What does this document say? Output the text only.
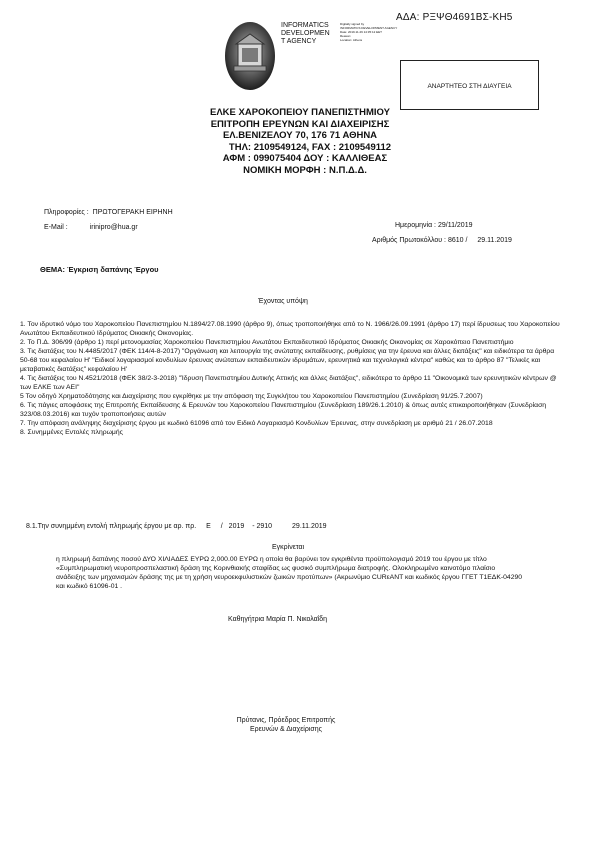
ΑΔΑ: ΡΞΨΘ4691ΒΣ-ΚΗ5
INFORMATICS
DEVELOPMEN
T AGENCY
Digitally signed by
INFORMATICS DEVELOPMENT AGENCY
Date: 2019.11.29 14:35:12 EET
Reason:
Location: Athens
ΑΝΑΡΤΗΤΕΟ ΣΤΗ ΔΙΑΥΓΕΙΑ
ΕΛΚΕ ΧΑΡΟΚΟΠΕΙΟΥ ΠΑΝΕΠΙΣΤΗΜΙΟΥ
ΕΠΙΤΡΟΠΗ ΕΡΕΥΝΩΝ ΚΑΙ ΔΙΑΧΕΙΡΙΣΗΣ
ΕΛ.ΒΕΝΙΖΕΛΟΥ 70, 176 71 ΑΘΗΝΑ
ΤΗΛ: 2109549124, FAX : 2109549112
ΑΦΜ : 099075404 ΔΟΥ : ΚΑΛΛΙΘΕΑΣ
ΝΟΜΙΚΗ ΜΟΡΦΗ : Ν.Π.Δ.Δ.
Πληροφορίες : ΠΡΩΤΟΓΕΡΑΚΗ ΕΙΡΗΝΗ
E-Mail :	irinipro@hua.gr	Ημερομηνία : 29/11/2019
Αριθμός Πρωτοκόλλου : 8610 / 29.11.2019
ΘΕΜΑ: Έγκριση δαπάνης Έργου
Έχοντας υπόψη

1. Τον ιδρυτικό νόμο του Χαροκοπείου Πανεπιστημίου Ν.1894/27.08.1990 (άρθρο 9), όπως τροποποιήθηκε από το Ν. 1966/26.09.1991 (άρθρο 17) περί ίδρυσεως του Χαροκοπείου Ανωτάτου Εκπαιδευτικού Ιδρύματος Οικιακής Οικονομίας.

2. Το Π.Δ. 306/99 (άρθρο 1) περί μετονομασίας Χαροκοπείου Πανεπιστημίου Ανωτάτου Εκπαιδευτικού Ιδρύματος Οικιακής Οικονομίας σε Χαροκόπειο Πανεπιστήμιο

3. Τις διατάξεις του Ν.4485/2017 (ΦΕΚ 114/4-8-2017) "Οργάνωση και λειτουργία της ανώτατης εκπαίδευσης, ρυθμίσεις για την έρευνα και άλλες διατάξεις" και ειδικότερα τα άρθρα 50-68 του κεφαλαίου Η' "Ειδικοί λογαριασμοί κονδυλίων έρευνας ανώτατων εκπαιδευτικών ιδρυμάτων, ερευνητικά και τεχνολογικά κέντρα" καθώς και το άρθρο 87 "Τελικές και μεταβατικές διατάξεις" κεφαλαίου Η'

4. Τις διατάξεις του Ν.4521/2018 (ΦΕΚ 38/2-3-2018) "Ίδρυση Πανεπιστημίου Δυτικής Αττικής και άλλες διατάξεις", ειδικότερα το άρθρο 11 "Οικονομικά των ερευνητικών κέντρων @ των ΕΛΚΕ των ΑΕΙ"

5 Τον οδηγό Χρηματοδότησης και Διαχείρισης που εγκρίθηκε με την απόφαση της Συγκλήτου του Χαροκοπείου Πανεπιστημίου (Συνεδρίαση 91/25.7.2007)

6. Τις πάγιες αποφάσεις της Επιτροπής Εκπαίδευσης & Ερευνών του Χαροκοπείου Πανεπιστημίου (Συνεδρίαση 189/26.1.2010) & όπως αυτές επικαιροποιήθηκαν (Συνεδρίαση 323/08.03.2016) και τυχόν τροποποιήσεις αυτών

7. Την απόφαση ανάληψης διαχείρισης έργου με κωδικό 61096 από τον Ειδικό Λογαριασμό Κονδυλίων Έρευνας, στην συνεδρίαση με αριθμό 21 / 26.07.2018

8. Συνημμένες Εντολές πληρωμής

8.1.Την συνημμένη εντολή πληρωμής έργου με αρ. πρ. Ε / 2019 - 2910	29.11.2019
Εγκρίνεται
η πληρωμή δαπάνης ποσού ΔΥΟ ΧΙΛΙΑΔΕΣ ΕΥΡΩ 2,000.00 ΕΥΡΩ η οποία θα βαρύνει τον εγκριθέντα προϋπολογισμό 2019 του έργου με τίτλο «Συμπληρωματική νευροπροσπελαστική δράση της Κορινθιακής σταφίδας ως φυσικό συμπλήρωμα διατροφής. Ολοκληρωμένο καινοτόμο πλαίσιο ανάδειξης των μηχανισμών δράσης της με τη χρήση νευροεκφυλιστικών ζωικών προτύπων» (Ακρωνύμιο CURεANT και κωδικός έργου ΓΓΕΤ Τ1ΕΔΚ-04290 και κωδικό 61096-01 .
Καθηγήτρια Μαρία Π. Νικολαΐδη
Πρύτανις, Πρόεδρος Επιτροπής
Ερευνών & Διαχείρισης
